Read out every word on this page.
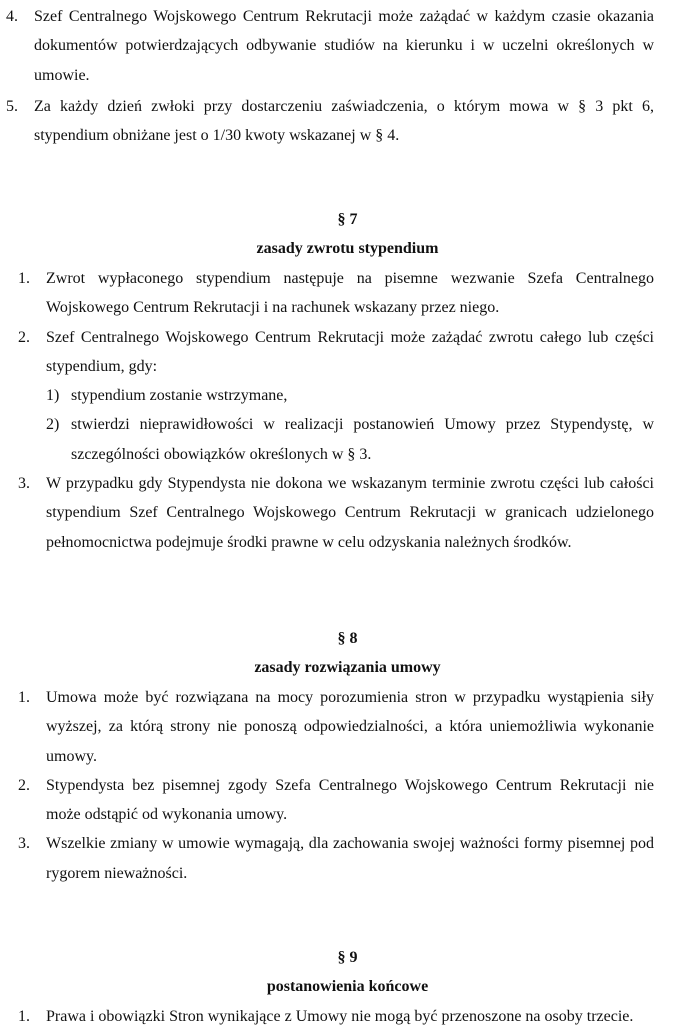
4. Szef Centralnego Wojskowego Centrum Rekrutacji może zażądać w każdym czasie okazania dokumentów potwierdzających odbywanie studiów na kierunku i w uczelni określonych w umowie.

5. Za każdy dzień zwłoki przy dostarczeniu zaświadczenia, o którym mowa w § 3 pkt 6, stypendium obniżane jest o 1/30 kwoty wskazanej w § 4.

§ 7

zasady zwrotu stypendium

1. Zwrot wypłaconego stypendium następuje na pisemne wezwanie Szefa Centralnego Wojskowego Centrum Rekrutacji i na rachunek wskazany przez niego.

2. Szef Centralnego Wojskowego Centrum Rekrutacji może zażądać zwrotu całego lub części stypendium, gdy:

1) stypendium zostanie wstrzymane,

2) stwierdzi nieprawidłowości w realizacji postanowień Umowy przez Stypendystę, w szczególności obowiązków określonych w § 3.

3. W przypadku gdy Stypendysta nie dokona we wskazanym terminie zwrotu części lub całości stypendium Szef Centralnego Wojskowego Centrum Rekrutacji w granicach udzielonego pełnomocnictwa podejmuje środki prawne w celu odzyskania należnych środków.

§ 8

zasady rozwiązania umowy

1. Umowa może być rozwiązana na mocy porozumienia stron w przypadku wystąpienia siły wyższej, za którą strony nie ponoszą odpowiedzialności, a która uniemożliwia wykonanie umowy.

2. Stypendysta bez pisemnej zgody Szefa Centralnego Wojskowego Centrum Rekrutacji nie może odstąpić od wykonania umowy.

3. Wszelkie zmiany w umowie wymagają, dla zachowania swojej ważności formy pisemnej pod rygorem nieważności.

§ 9

postanowienia końcowe

1. Prawa i obowiązki Stron wynikające z Umowy nie mogą być przenoszone na osoby trzecie.
